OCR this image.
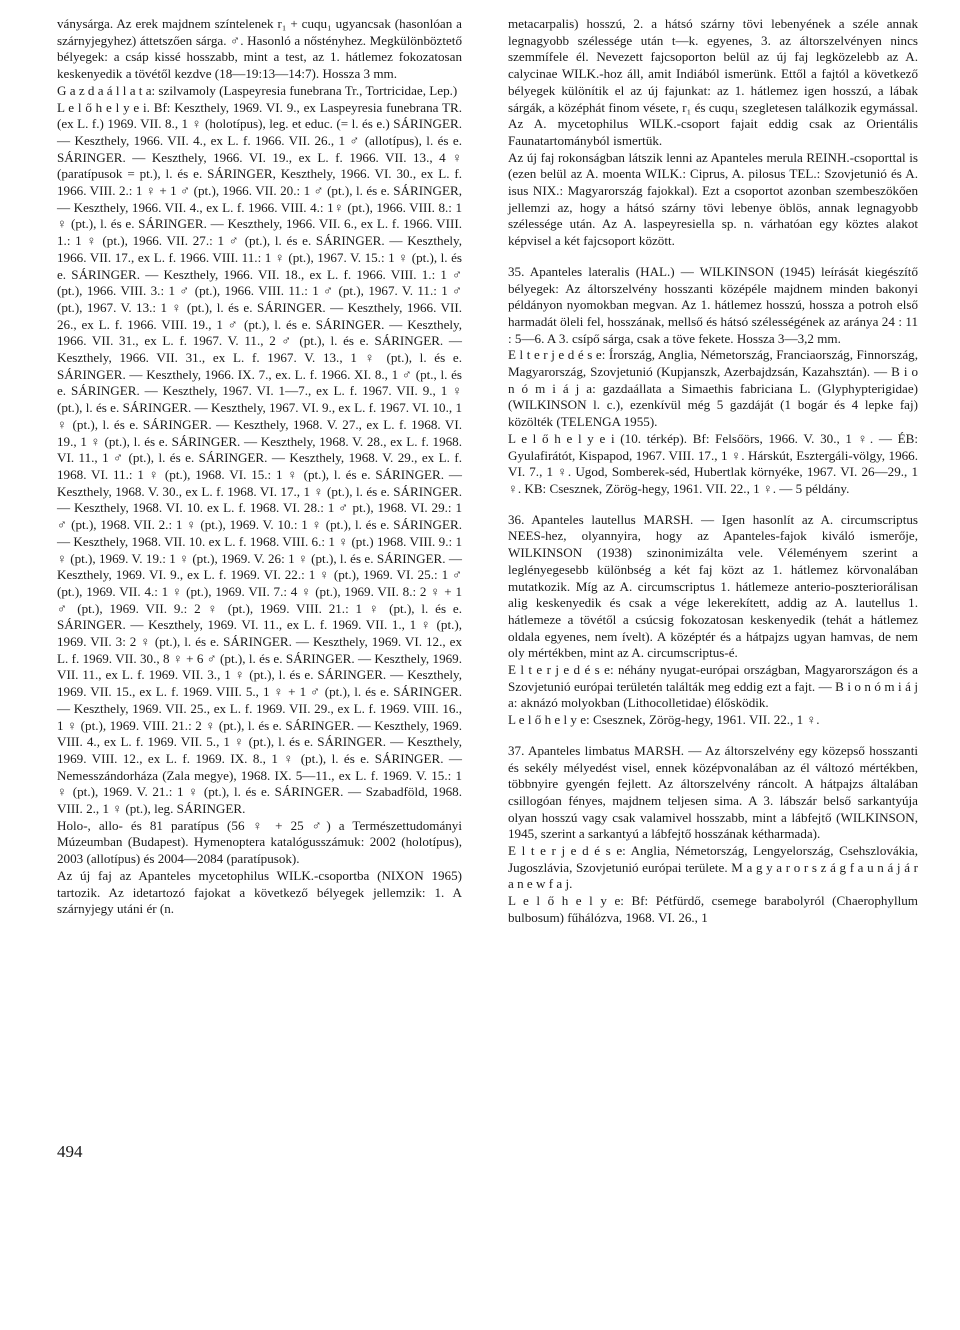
ványsárga. Az erek majdnem színtelenek r₁ + cuqu₁ ugyancsak (hasonlóan a szárnyjegyhez) áttetszően sárga. ♂. Hasonló a nőstényhez. Megkülönböztető bélyegek: a csáp kissé hosszabb, mint a test, az 1. hátlemez fokozatosan keskenyedik a tövétől kezdve (18—19:13—14:7). Hossza 3 mm.

G a z d a á l l a t a: szilvamoly (Laspeyresia funebrana Tr., Tortricidae, Lep.)

L e l ő h e l y e i. Bf: Keszthely, 1969. VI. 9., ex Laspeyresia funebrana TR. (ex L. f.) 1969. VII. 8., 1 ♀ (holotípus), leg. et educ. (= l. és e.) SÁRINGER. — Keszthely, 1966. VII. 4., ex L. f. 1966. VII. 26., 1 ♂ (allotípus), l. és e. SÁRINGER. — Keszthely, 1966. VI. 19., ex L. f. 1966. VII. 13., 4 ♀ (paratípusok = pt.), l. és e. SÁRINGER, Keszthely, 1966. VI. 30., ex L. f. 1966. VIII. 2.: 1 ♀ + 1 ♂ (pt.), 1966. VII. 20.: 1 ♂ (pt.), l. és e. SÁRINGER, — Keszthely, 1966. VII. 4., ex L. f. 1966. VIII. 4.: 1♀ (pt.), 1966. VIII. 8.: 1 ♀ (pt.), l. és e. SÁRINGER. — Keszthely, 1966. VII. 6., ex L. f. 1966. VIII. 1.: 1 ♀ (pt.), 1966. VII. 27.: 1 ♂ (pt.), l. és e. SÁRINGER. — Keszthely, 1966. VII. 17., ex L. f. 1966. VIII. 11.: 1 ♀ (pt.), 1967. V. 15.: 1 ♀ (pt.), l. és e. SÁRINGER. — Keszthely, 1966. VII. 18., ex L. f. 1966. VIII. 1.: 1 ♂ (pt.), 1966. VIII. 3.: 1 ♂ (pt.), 1966. VIII. 11.: 1 ♂ (pt.), 1967. V. 11.: 1 ♂ (pt.), 1967. V. 13.: 1 ♀ (pt.), l. és e. SÁRINGER. — Keszthely, 1966. VII. 26., ex L. f. 1966. VIII. 19., 1 ♂ (pt.), l. és e. SÁRINGER. — Keszthely, 1966. VII. 31., ex L. f. 1967. V. 11., 2 ♂ (pt.), l. és e. SÁRINGER. — Keszthely, 1966. VII. 31., ex L. f. 1967. V. 13., 1 ♀ (pt.), l. és e. SÁRINGER. — Keszthely, 1966. IX. 7., ex. L. f. 1966. XI. 8., 1 ♂ (pt., l. és e. SÁRINGER. — Keszthely, 1967. VI. 1—7., ex L. f. 1967. VII. 9., 1 ♀ (pt.), l. és e. SÁRINGER. — Keszthely, 1967. VI. 9., ex L. f. 1967. VI. 10., 1 ♀ (pt.), l. és e. SÁRINGER. — Keszthely, 1968. V. 27., ex L. f. 1968. VI. 19., 1 ♀ (pt.), l. és e. SÁRINGER. — Keszthely, 1968. V. 28., ex L. f. 1968. VI. 11., 1 ♂ (pt.), l. és e. SÁRINGER. — Keszthely, 1968. V. 29., ex L. f. 1968. VI. 11.: 1 ♀ (pt.), 1968. VI. 15.: 1 ♀ (pt.), l. és e. SÁRINGER. — Keszthely, 1968. V. 30., ex L. f. 1968. VI. 17., 1 ♀ (pt.), l. és e. SÁRINGER. — Keszthely, 1968. VI. 10. ex L. f. 1968. VI. 28.: 1 ♂ pt.), 1968. VI. 29.: 1 ♂ (pt.), 1968. VII. 2.: 1 ♀ (pt.), 1969. V. 10.: 1 ♀ (pt.), l. és e. SÁRINGER. — Keszthely, 1968. VII. 10. ex L. f. 1968. VIII. 6.: 1 ♀ (pt.) 1968. VIII. 9.: 1 ♀ (pt.), 1969. V. 19.: 1 ♀ (pt.), 1969. V. 26: 1 ♀ (pt.), l. és e. SÁRINGER. — Keszthely, 1969. VI. 9., ex L. f. 1969. VI. 22.: 1 ♀ (pt.), 1969. VI. 25.: 1 ♂ (pt.), 1969. VII. 4.: 1 ♀ (pt.), 1969. VII. 7.: 4 ♀ (pt.), 1969. VII. 8.: 2 ♀ + 1 ♂ (pt.), 1969. VII. 9.: 2 ♀ (pt.), 1969. VIII. 21.: 1 ♀ (pt.), l. és e. SÁRINGER. — Keszthely, 1969. VI. 11., ex L. f. 1969. VII. 1., 1 ♀ (pt.), 1969. VII. 3: 2 ♀ (pt.), l. és e. SÁRINGER. — Keszthely, 1969. VI. 12., ex L. f. 1969. VII. 30., 8 ♀ + 6 ♂ (pt.), l. és e. SÁRINGER. — Keszthely, 1969. VII. 11., ex L. f. 1969. VII. 3., 1 ♀ (pt.), l. és e. SÁRINGER. — Keszthely, 1969. VII. 15., ex L. f. 1969. VIII. 5., 1 ♀ + 1 ♂ (pt.), l. és e. SÁRINGER. — Keszthely, 1969. VII. 25., ex L. f. 1969. VII. 29., ex L. f. 1969. VIII. 16., 1 ♀ (pt.), 1969. VIII. 21.: 2 ♀ (pt.), l. és e. SÁRINGER. — Keszthely, 1969. VIII. 4., ex L. f. 1969. VII. 5., 1 ♀ (pt.), l. és e. SÁRINGER. — Keszthely, 1969. VIII. 12., ex L. f. 1969. IX. 8., 1 ♀ (pt.), l. és e. SÁRINGER. — Nemesszándorháza (Zala megye), 1968. IX. 5—11., ex L. f. 1969. V. 15.: 1 ♀ (pt.), 1969. V. 21.: 1 ♀ (pt.), l. és e. SÁRINGER. — Szabadföld, 1968. VIII. 2., 1 ♀ (pt.), leg. SÁRINGER.

Holo-, allo- és 81 paratípus (56 ♀ + 25 ♂) a Természettudományi Múzeumban (Budapest). Hymenoptera katalógusszámuk: 2002 (holotípus), 2003 (allotípus) és 2004—2084 (paratípusok).

Az új faj az Apanteles mycetophilus WILK.-csoportba (NIXON 1965) tartozik. Az idetartozó fajokat a következő bélyegek jellemzik: 1. A szárnyjegy utáni ér (n.

metacarpalis) hosszú, 2. a hátsó szárny tövi lebenyének a széle annak legnagyobb szélessége után t—k. egyenes, 3. az áltorszelvényen nincs szemmífele él. Nevezett fajcsoporton belül az új faj legközelebb az A. calycinae WILK.-hoz áll, amit Indiából ismerünk. Ettől a fajtól a következő bélyegek különítik el az új fajunkat: az 1. hátlemez igen hosszú, a lábak sárgák, a középhát finom vésete, r₁ és cuqu₁ szegletesen találkozik egymással. Az A. mycetophilus WILK.-csoport fajait eddig csak az Orientális Faunatartományból ismertük.

Az új faj rokonságban látszik lenni az Apanteles merula REINH.-csoporttal is (ezen belül az A. moenta WILK.: Ciprus, A. pilosus TEL.: Szovjetunió és A. isus NIX.: Magyarország fajokkal). Ezt a csoportot azonban szembeszökően jellemzi az, hogy a hátsó szárny tövi lebenye öblös, annak legnagyobb szélessége után. Az A. laspeyresiella sp. n. várhatóan egy köztes alakot képvisel a két fajcsoport között.

35. Apanteles lateralis (HAL.) — WILKINSON (1945) leírását kiegészítő bélyegek: Az áltorszelvény hosszanti középéle majdnem minden bakonyi példányon nyomokban megvan. Az 1. hátlemez hosszú, hossza a potroh első harmadát öleli fel, hosszának, mellső és hátsó szélességének az aránya 24 : 11 : 5—6. A 3. csípő sárga, csak a töve fekete. Hossza 3—3,2 mm.

E l t e r j e d é s e: Írország, Anglia, Németország, Franciaország, Finnország, Magyarország, Szovjetunió (Kupjanszk, Azerbajdzsán, Kazahsztán). — B i o n ó m i á j a: gazdaállata a Simaethis fabriciana L. (Glyphypterigidae) (WILKINSON l. c.), ezenkívül még 5 gazdáját (1 bogár és 4 lepke faj) közölték (TELENGA 1955).

L e l ő h e l y e i (10. térkép). Bf: Felsőörs, 1966. V. 30., 1 ♀. — ÉB: Gyulafirátót, Kispapod, 1967. VIII. 17., 1 ♀. Hárskút, Esztergáli-völgy, 1966. VI. 7., 1 ♀. Ugod, Somberek-séd, Hubertlak környéke, 1967. VI. 26—29., 1 ♀. KB: Csesznek, Zörög-hegy, 1961. VII. 22., 1 ♀. — 5 példány.

36. Apanteles lautellus MARSH. — Igen hasonlít az A. circumscriptus NEES-hez, olyannyira, hogy az Apanteles-fajok kiváló ismerője, WILKINSON (1938) szinonimizálta vele. Véleményem szerint a leglényegesebb különbség a két faj közt az 1. hátlemez körvonalában mutatkozik. Míg az A. circumscriptus 1. hátlemeze anterio-poszteriorálisan alig keskenyedik és csak a vége lekerekített, addig az A. lautellus 1. hátlemeze a tövétől a csúcsig fokozatosan keskenyedik (tehát a hátlemez oldala egyenes, nem ívelt). A középtér és a hátpajzs ugyan hamvas, de nem oly mértékben, mint az A. circumscriptus-é.

E l t e r j e d é s e: néhány nyugat-európai országban, Magyarországon és a Szovjetunió európai területén találták meg eddig ezt a fajt. — B i o n ó m i á j a: aknázó molyokban (Lithocolletidae) élősködik.

L e l ő h e l y e: Csesznek, Zörög-hegy, 1961. VII. 22., 1 ♀.

37. Apanteles limbatus MARSH. — Az áltorszelvény egy közepső hosszanti és sekély mélyedést visel, ennek középvonalában az él változó mértékben, többnyire gyengén fejlett. Az áltorszelvény ráncolt. A hátpajzs általában csillogóan fényes, majdnem teljesen sima. A 3. lábszár belső sarkantyúja olyan hosszú vagy csak valamivel hosszabb, mint a lábfejtő (WILKINSON, 1945, szerint a sarkantyú a lábfejtő hosszának kétharmada).

E l t e r j e d é s e: Anglia, Németország, Lengyelország, Csehszlovákia, Jugoszlávia, Szovjetunió európai területe. M a g y a r o r s z á g f a u n á j á r a n e w f a j.

L e l ő h e l y e: Bf: Pétfürdő, csemege barabolyról (Chaerophyllum bulbosum) fűhálózva, 1968. VI. 26., 1

494
